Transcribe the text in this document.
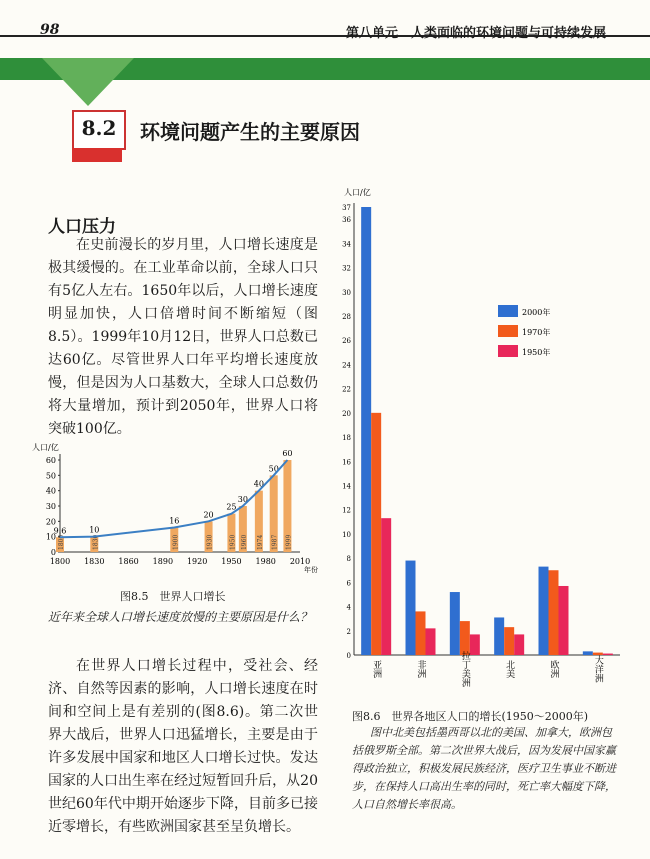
98	第八单元　人类面临的环境问题与可持续发展
8.2	环境问题产生的主要原因
人口压力
在史前漫长的岁月里，人口增长速度是极其缓慢的。在工业革命以前，全球人口只有5亿人左右。1650年以后，人口增长速度明显加快，人口倍增时间不断缩短（图8.5）。1999年10月12日，世界人口总数已达60亿。尽管世界人口年平均增长速度放慢，但是因为人口基数大，全球人口总数仍将大量增加，预计到2050年，世界人口将突破100亿。
人口/亿
年份
0
10
20
30
40
50
60
1800 1830 1860 1890 1920 1950 1980 2010
9.6
1800
10
1830
16
1900
20
1930
25
1950
30
1960
40
1974
50
1987
60
1999
图8.5　世界人口增长
近年来全球人口增长速度放慢的主要原因是什么？
在世界人口增长过程中，受社会、经济、自然等因素的影响，人口增长速度在时间和空间上是有差别的(图8.6)。第二次世界大战后，世界人口迅猛增长，主要是由于许多发展中国家和地区人口增长过快。发达国家的人口出生率在经过短暂回升后，从20世纪60年代中期开始逐步下降，目前多已接近零增长，有些欧洲国家甚至呈负增长。
人口/亿
0
2
4
6
8
10
12
14
16
18
20
22
24
26
28
30
32
34
36
37
亚洲	非洲	拉丁美洲	北美	欧洲	大洋洲
2000年
1970年
1950年
图8.6　世界各地区人口的增长(1950～2000年)
图中北美包括墨西哥以北的美国、加拿大，欧洲包括俄罗斯全部。第二次世界大战后，因为发展中国家赢得政治独立，积极发展民族经济，医疗卫生事业不断进步，在保持人口高出生率的同时，死亡率大幅度下降，人口自然增长率很高。
